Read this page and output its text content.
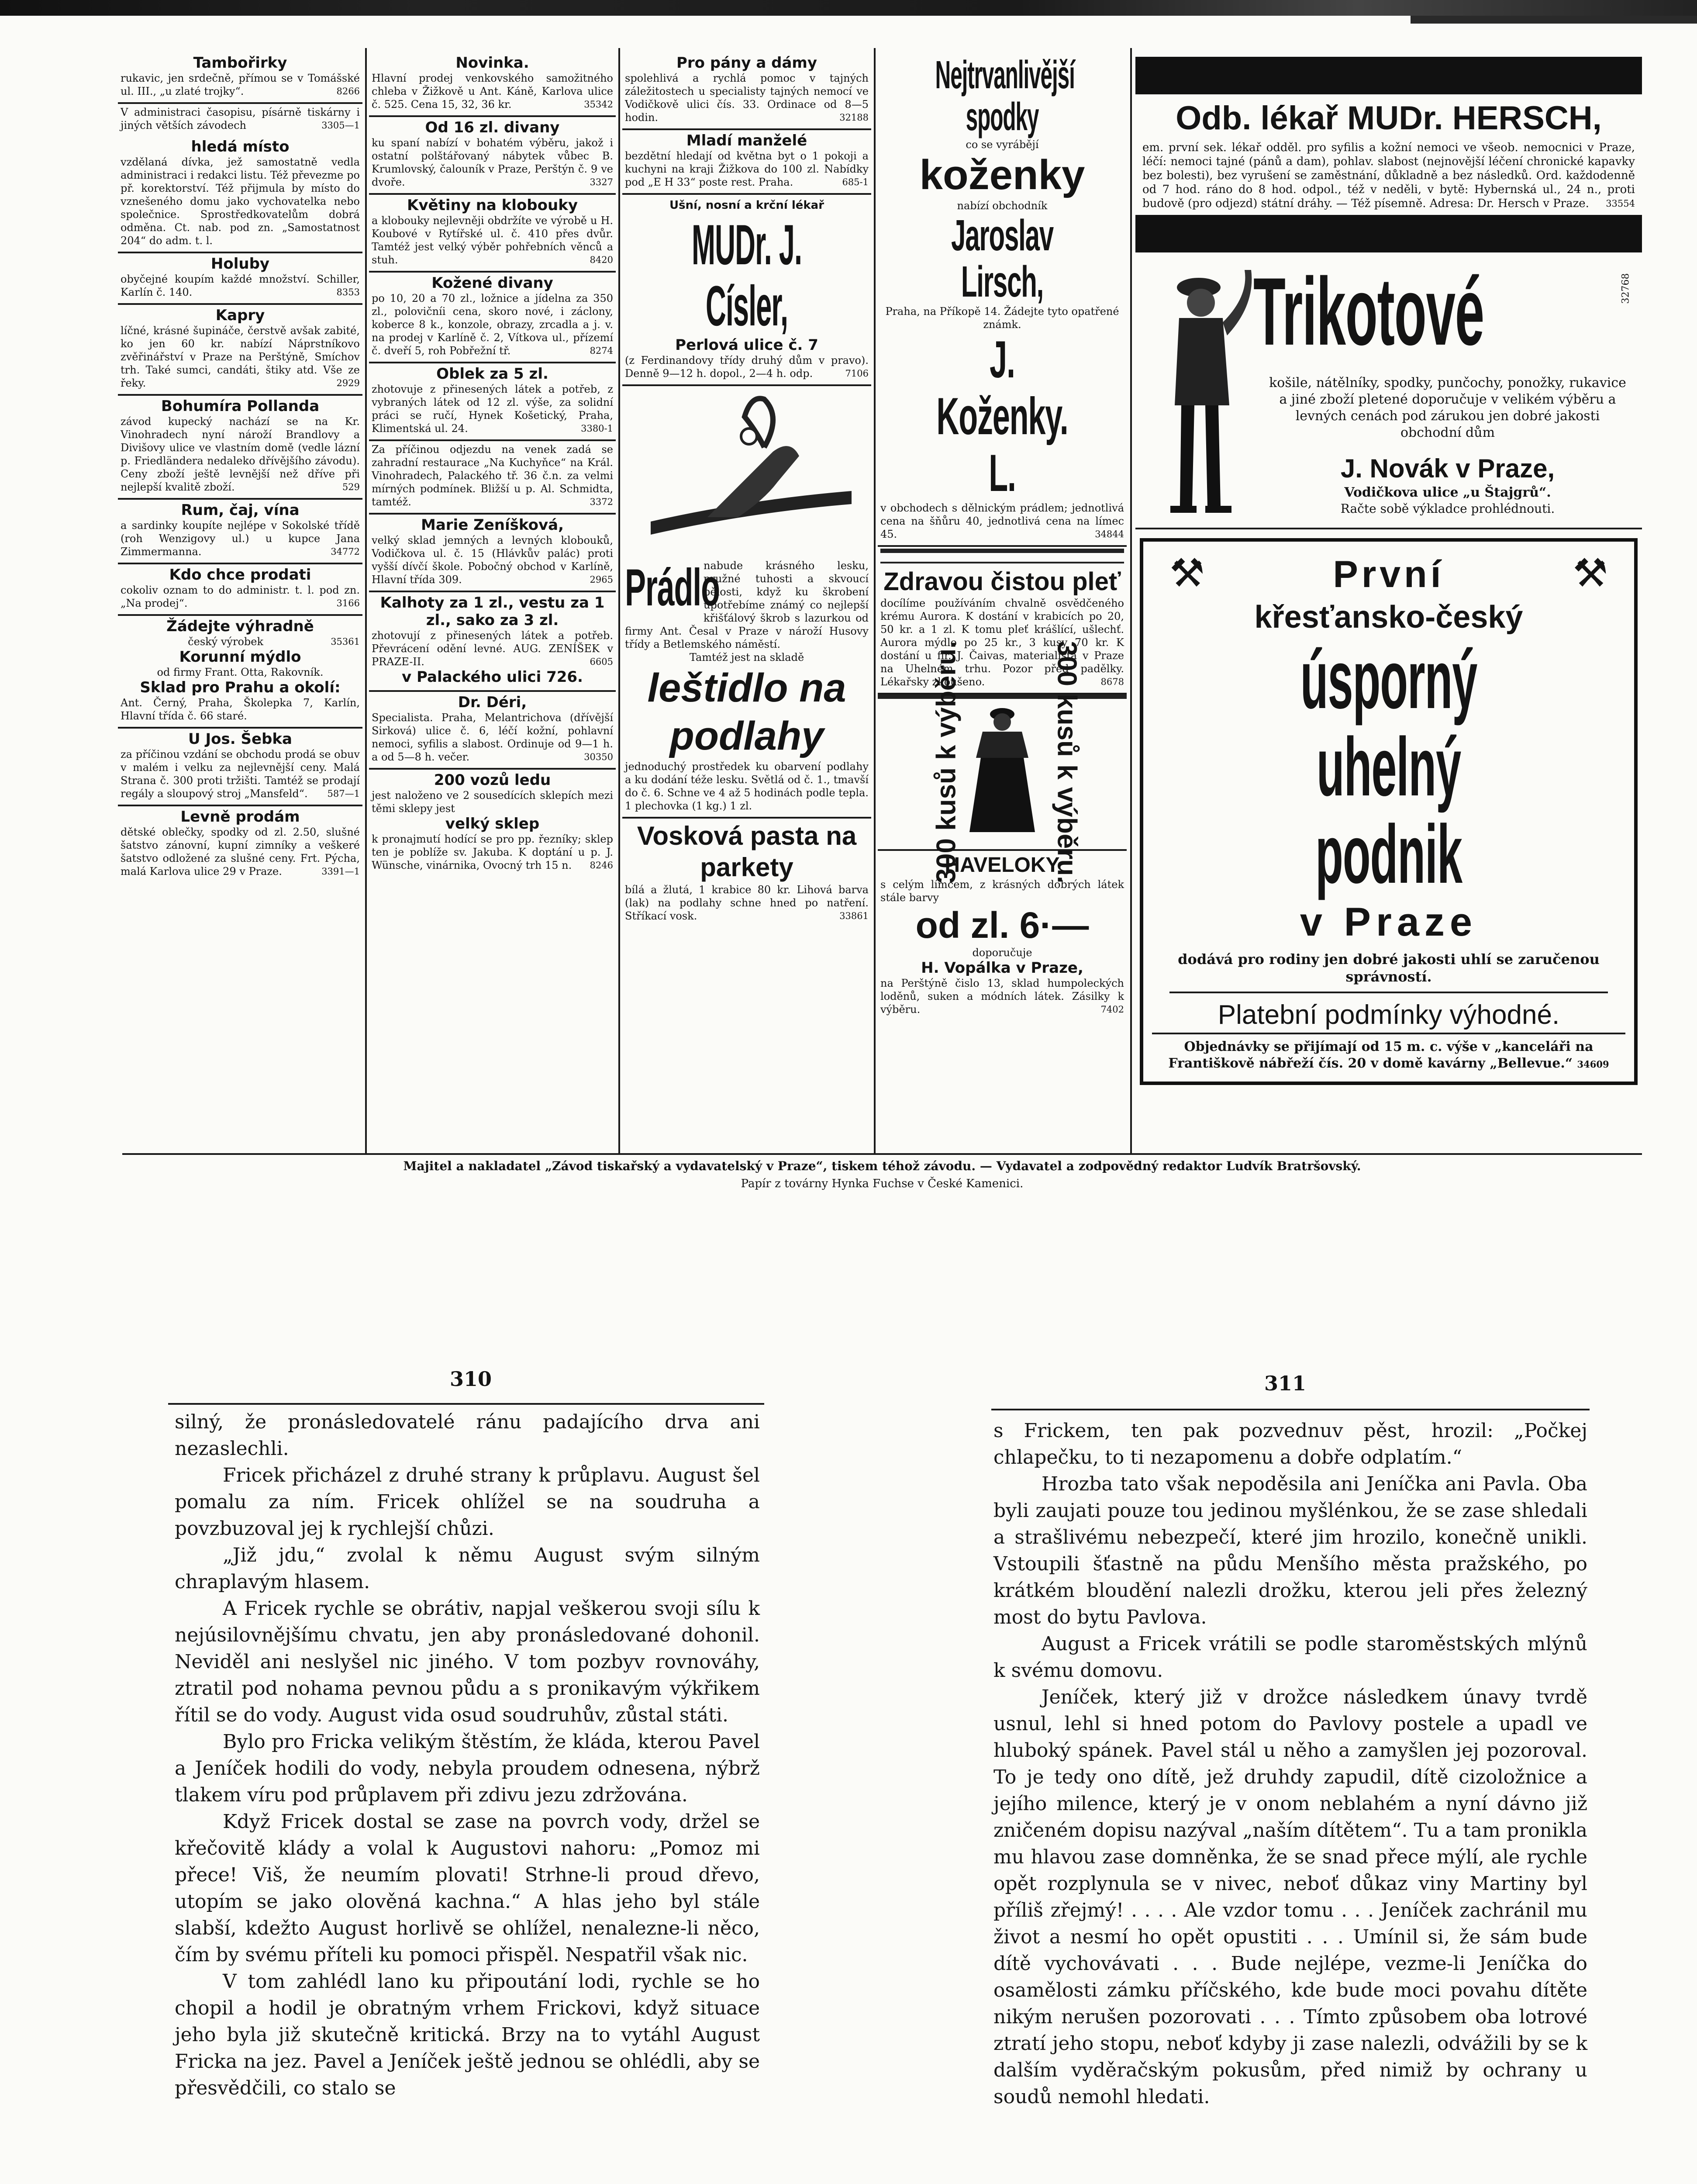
Tambořirky

rukavic, jen srdečně, přímou se v Tomášské ul. III., „u zlaté trojky“.	8266

V administraci časopisu, písárně tiskárny i jiných větších závodech	3305—1

hledá místo

vzdělaná dívka, jež samostatně vedla administraci i redakci listu. Též převezme po př. korektorství. Též přijmula by místo do vznešeného domu jako vychovatelka nebo společnice. Sprostředkovatelům dobrá odměna. Ct. nab. pod zn. „Samostatnost 204“ do adm. t. l.

Holuby

obyčejné koupím každé množství. Schiller, Karlín č. 140.	8353

Kapry

líčné, krásné šupináče, čerstvě avšak zabité, ko jen 60 kr. nabízí Náprstníkovo zvěřinářství v Praze na Perštýně, Smíchov trh. Také sumci, candáti, štiky atd. Vše ze řeky.	2929

Bohumíra Pollanda

závod kupecký nachází se na Kr. Vinohradech nyní nároží Brandlovy a Divišovy ulice ve vlastním domě (vedle lázní p. Friedländera nedaleko dřívějšího závodu). Ceny zboží ještě levnější než dříve při nejlepší kvalitě zboží.	529

Rum, čaj, vína

a sardinky koupíte nejlépe v Sokolské třídě (roh Wenzigovy ul.) u kupce Jana Zimmermanna.	34772

Kdo chce prodati

cokoliv oznam to do administr. t. l. pod zn. „Na prodej“.	3166

Žádejte výhradně

český výrobek	35361

Korunní mýdlo

od firmy Frant. Otta, Rakovník.

Sklad pro Prahu a okolí:

Ant. Černý, Praha, Školepka 7, Karlín, Hlavní třída č. 66 staré.

U Jos. Šebka

za příčinou vzdání se obchodu prodá se obuv v malém i velku za nejlevnější ceny. Malá Strana č. 300 proti tržišti. Tamtéž se prodají regály a sloupový stroj „Mansfeld“. 587—1

Levně prodám

dětské oblečky, spodky od zl. 2.50, slušné šatstvo zánovní, kupní zimníky a veškeré šatstvo odložené za slušné ceny. Frt. Pýcha, malá Karlova ulice 29 v Praze.	3391—1

Novinka.

Hlavní prodej venkovského samožitného chleba v Žižkově u Ant. Káně, Karlova ulice č. 525. Cena 15, 32, 36 kr.	35342

Od 16 zl. divany

ku spaní nabízí v bohatém výběru, jakož i ostatní polštářovaný nábytek vůbec B. Krumlovský, čalouník v Praze, Perštýn č. 9 ve dvoře.	3327

Květiny na klobouky

a klobouky nejlevněji obdržíte ve výrobě u H. Koubové v Rytířské ul. č. 410 přes dvůr. Tamtéž jest velký výběr pohřebních věnců a stuh.	8420

Kožené divany

po 10, 20 a 70 zl., ložnice a jídelna za 350 zl., polovičníi cena, skoro nové, i záclony, koberce 8 k., konzole, obrazy, zrcadla a j. v. na prodej v Karlíně č. 2, Vítkova ul., přízemí č. dveří 5, roh Pobřežní tř.	8274

Oblek za 5 zl.

zhotovuje z přinesených látek a potřeb, z vybraných látek od 12 zl. výše, za solidní práci se ručí, Hynek Košetický, Praha, Klimentská ul. 24.	3380-1

Za příčinou odjezdu na venek zadá se zahradní restaurace „Na Kuchyňce“ na Král. Vinohradech, Palackého tř. 36 č.n. za velmi mírných podmínek. Bližší u p. Al. Schmidta, tamtéž.	3372

Marie Zeníšková,

velký sklad jemných a levných klobouků, Vodičkova ul. č. 15 (Hlávkův palác) proti vyšší dívčí škole. Pobočný obchod v Karlíně, Hlavní třída 309.	2965

Kalhoty za 1 zl., vestu za 1 zl., sako za 3 zl.

zhotovují z přinesených látek a potřeb. Převrácení odění levné. AUG. ZENÍŠEK v PRAZE-II.	6605

v Palackého ulici 726.
Dr. Déri,

Specialista. Praha, Melantrichova (dřívější Sirková) ulice č. 6, léčí kožní, pohlavní nemoci, syfilis a slabost. Ordinuje od 9—1 h. a od 5—8 h. večer.	30350

200 vozů ledu

jest naloženo ve 2 sousedících sklepích mezi těmi sklepy jest

velký sklep

k pronajmutí hodící se pro pp. řezníky; sklep ten je poblíže sv. Jakuba. K doptání u p. J. Wünsche, vinárnika, Ovocný trh 15 n. 8246

Pro pány a dámy

spolehlivá a rychlá pomoc v tajných záležitostech u specialisty tajných nemocí ve Vodičkově ulici čís. 33. Ordinace od 8—5 hodin.	32188

Mladí manželé

bezdětní hledají od května byt o 1 pokoji a kuchyni na kraji Žižkova do 100 zl. Nabídky pod „E H 33“ poste rest. Praha.	685-1

Ušní, nosní a krční lékař
MUDr. J. Císler,
Perlová ulice č. 7

(z Ferdinandovy třídy druhý dům v pravo). Denně 9—12 h. dopol., 2—4 h. odp.	7106

Prádlo

nabude krásného lesku, pružné tuhosti a skvoucí bělosti, když ku škrobení upotřebíme známý co nejlepší křišťálový škrob s lazurkou od firmy Ant. Česal v Praze v nároží Husovy třídy a Betlemského náměstí.

Tamtéž jest na skladě

leštidlo na podlahy

jednoduchý prostředek ku obarvení podlahy a ku dodání téže lesku. Světlá od č. 1., tmavší do č. 6. Schne ve 4 až 5 hodinách podle tepla. 1 plechovka (1 kg.) 1 zl.

Vosková pasta na parkety

bílá a žlutá, 1 krabice 80 kr. Lihová barva (lak) na podlahy schne hned po natření. Stříkací vosk.	33861

Nejtrvanlivější spodky

co se vyrábějí

koženky

nabízí obchodník

Jaroslav Lirsch,

Praha, na Příkopě 14. Žádejte tyto opatřené známk.

J. Koženky. L.

v obchodech s dělnickým prádlem; jednotlivá cena na šňůru 40, jednotlivá cena na límec 45.	34844

Zdravou čistou pleť

docílíme používáním chvalně osvědčeného krému Aurora. K dostání v krabicích po 20, 50 kr. a 1 zl. K tomu pleť krášlící, ušlechť. Aurora mýdlo po 25 kr., 3 kusy 70 kr. K dostání u fir. J. Čaivas, materialista v Praze na Uhelném trhu. Pozor před padělky. Lékařsky zkoušeno.	8678

300 kusů k výběru.	300 kusů k výběru.
HAVELOKY

s celým límcem, z krásných dobrých látek stále barvy

od zl. 6·—

doporučuje

H. Vopálka v Praze,

na Perštýně čislo 13, sklad humpoleckých loděnů, suken a módních látek. Zásilky k výběru.	7402

Odb. lékař MUDr. HERSCH,

em. první sek. lékař odděl. pro syfilis a kožní nemoci ve všeob. nemocnici v Praze, léčí: nemoci tajné (pánů a dam), pohlav. slabost (nejnovější léčení chronické kapavky bez bolesti), bez vyrušení se zaměstnání, důkladně a bez následků. Ord. každodenně od 7 hod. ráno do 8 hod. odpol., též v neděli, v bytě: Hybernská ul., 24 n., proti budově (pro odjezd) státní dráhy. — Též písemně. Adresa: Dr. Hersch v Praze. 33554

Trikotové	32768

košile, nátělníky, spodky, punčochy, ponožky, rukavice a jiné zboží pletené doporučuje v velikém výběru a levných cenách pod zárukou jen dobré jakosti obchodní dům

J. Novák v Praze,
Vodičkova ulice „u Štajgrů“.
Račte sobě výkladce prohlédnouti.
⚒	⚒
První
křesťansko-český
úsporný uhelný podnik
v Praze

dodává pro rodiny jen dobré jakosti uhlí se zaručenou správností.

Platební podmínky výhodné.

Objednávky se přijímají od 15 m. c. výše v „kanceláři na Františkově nábřeží čís. 20 v domě kavárny „Bellevue.“ 34609

Majitel a nakladatel „Závod tiskařský a vydavatelský v Praze“, tiskem téhož závodu. — Vydavatel a zodpovědný redaktor Ludvík Bratršovský.
Papír z továrny Hynka Fuchse v České Kamenici.
310

silný, že pronásledovatelé ránu padajícího drva ani nezaslechli.

Fricek přicházel z druhé strany k průplavu. August šel pomalu za ním. Fricek ohlížel se na soudruha a povzbuzoval jej k rychlejší chůzi.

„Již jdu,“ zvolal k němu August svým silným chraplavým hlasem.

A Fricek rychle se obrátiv, napjal veškerou svoji sílu k nejúsilovnějšímu chvatu, jen aby pronásledované dohonil. Neviděl ani neslyšel nic jiného. V tom pozbyv rovnováhy, ztratil pod nohama pevnou půdu a s pronikavým výkřikem řítil se do vody. August vida osud soudruhův, zůstal státi.

Bylo pro Fricka velikým štěstím, že kláda, kterou Pavel a Jeníček hodili do vody, nebyla proudem odnesena, nýbrž tlakem víru pod průplavem při zdivu jezu zdržována.

Když Fricek dostal se zase na povrch vody, držel se křečovitě klády a volal k Augustovi nahoru: „Pomoz mi přece! Viš, že neumím plovati! Strhne-li proud dřevo, utopím se jako olověná kachna.“ A hlas jeho byl stále slabší, kdežto August horlivě se ohlížel, nenalezne-li něco, čím by svému příteli ku pomoci přispěl. Nespatřil však nic.

V tom zahlédl lano ku připoutání lodi, rychle se ho chopil a hodil je obratným vrhem Frickovi, když situace jeho byla již skutečně kritická. Brzy na to vytáhl August Fricka na jez. Pavel a Jeníček ještě jednou se ohlédli, aby se přesvědčili, co stalo se

311

s Frickem, ten pak pozvednuv pěst, hrozil: „Počkej chlapečku, to ti nezapomenu a dobře odplatím.“

Hrozba tato však nepoděsila ani Jeníčka ani Pavla. Oba byli zaujati pouze tou jedinou myšlénkou, že se zase shledali a strašlivému nebezpečí, které jim hrozilo, konečně unikli. Vstoupili šťastně na půdu Menšího města pražského, po krátkém bloudění nalezli drožku, kterou jeli přes železný most do bytu Pavlova.

August a Fricek vrátili se podle staroměstských mlýnů k svému domovu.

Jeníček, který již v drožce následkem únavy tvrdě usnul, lehl si hned potom do Pavlovy postele a upadl ve hluboký spánek. Pavel stál u něho a zamyšlen jej pozoroval. To je tedy ono dítě, jež druhdy zapudil, dítě cizoložnice a jejího milence, který je v onom neblahém a nyní dávno již zničeném dopisu nazýval „naším dítětem“. Tu a tam pronikla mu hlavou zase domněnka, že se snad přece mýlí, ale rychle opět rozplynula se v nivec, neboť důkaz viny Martiny byl příliš zřejmý! . . . . Ale vzdor tomu . . . Jeníček zachránil mu život a nesmí ho opět opustiti . . . Umínil si, že sám bude dítě vychovávati . . . Bude nejlépe, vezme-li Jeníčka do osamělosti zámku příčského, kde bude moci povahu dítěte nikým nerušen pozorovati . . . Tímto způsobem oba lotrové ztratí jeho stopu, neboť kdyby ji zase nalezli, odvážili by se k dalším vyděračským pokusům, před nimiž by ochrany u soudů nemohl hledati.
